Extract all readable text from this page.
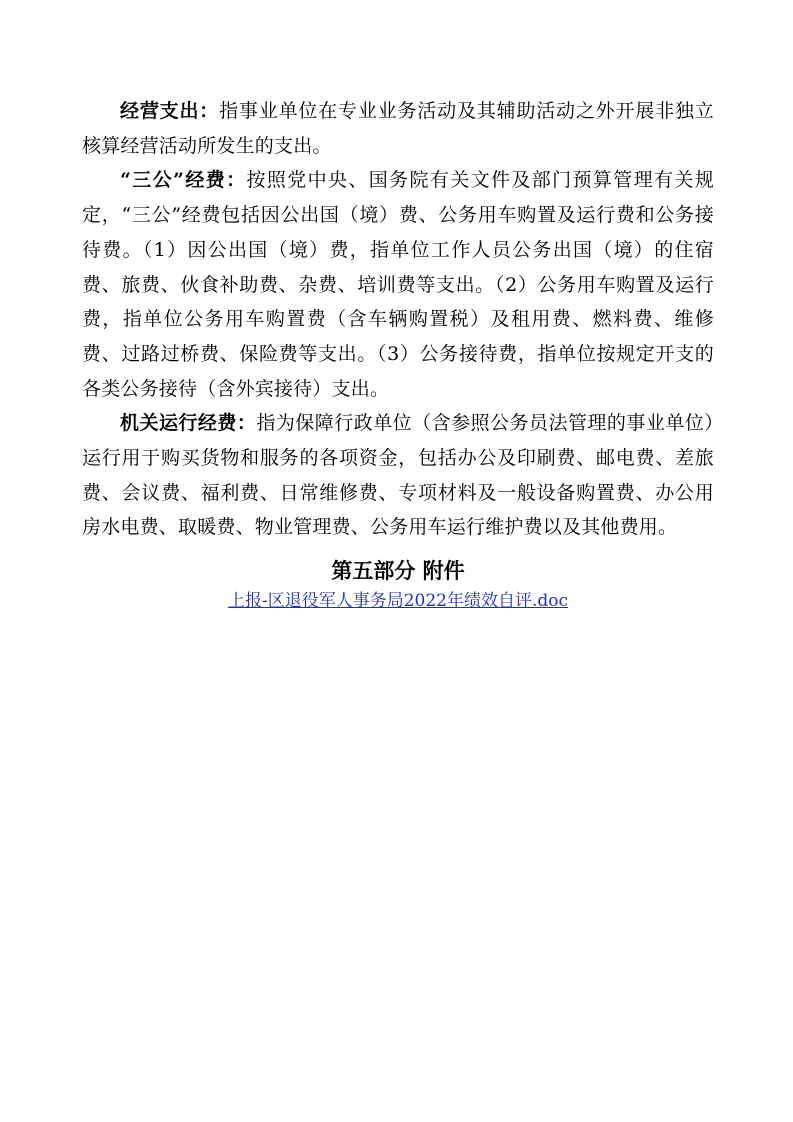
经营支出：指事业单位在专业业务活动及其辅助活动之外开展非独立核算经营活动所发生的支出。

“三公”经费：按照党中央、国务院有关文件及部门预算管理有关规定，“三公”经费包括因公出国（境）费、公务用车购置及运行费和公务接待费。（1）因公出国（境）费，指单位工作人员公务出国（境）的住宿费、旅费、伙食补助费、杂费、培训费等支出。（2）公务用车购置及运行费，指单位公务用车购置费（含车辆购置税）及租用费、燃料费、维修费、过路过桥费、保险费等支出。（3）公务接待费，指单位按规定开支的各类公务接待（含外宾接待）支出。

机关运行经费：指为保障行政单位（含参照公务员法管理的事业单位）运行用于购买货物和服务的各项资金，包括办公及印刷费、邮电费、差旅费、会议费、福利费、日常维修费、专项材料及一般设备购置费、办公用房水电费、取暖费、物业管理费、公务用车运行维护费以及其他费用。

第五部分 附件
上报-区退役军人事务局2022年绩效自评.doc
